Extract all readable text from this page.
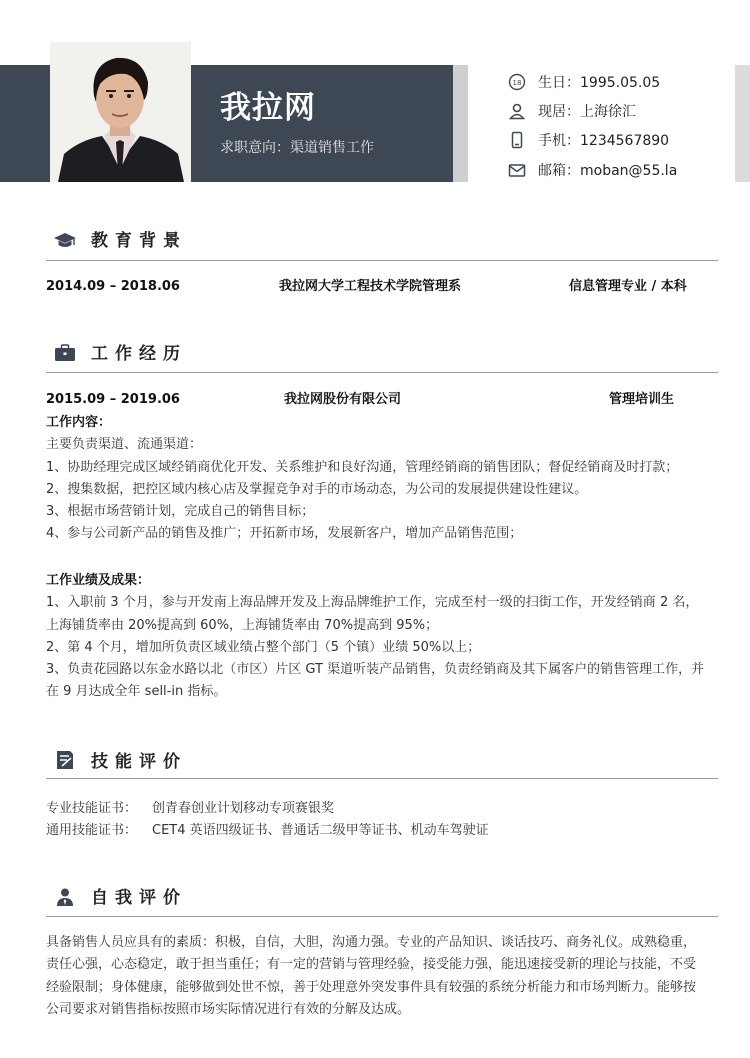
我拉网
求职意向：渠道销售工作
18 生日：1995.05.05
现居：上海徐汇
手机：1234567890
邮箱：moban@55.la
教育背景
2014.09 – 2018.06	我拉网大学工程技术学院管理系	信息管理专业 / 本科
工作经历
2015.09 – 2019.06	我拉网股份有限公司	管理培训生
工作内容：
主要负责渠道、流通渠道：
1、协助经理完成区域经销商优化开发、关系维护和良好沟通，管理经销商的销售团队；督促经销商及时打款；
2、搜集数据，把控区域内核心店及掌握竞争对手的市场动态，为公司的发展提供建设性建议。
3、根据市场营销计划，完成自己的销售目标；
4、参与公司新产品的销售及推广；开拓新市场，发展新客户，增加产品销售范围；
工作业绩及成果：
1、入职前 3 个月，参与开发南上海品牌开发及上海品牌维护工作，完成至村一级的扫街工作，开发经销商 2 名，
上海铺货率由 20%提高到 60%，上海铺货率由 70%提高到 95%；
2、第 4 个月，增加所负责区域业绩占整个部门（5 个镇）业绩 50%以上；
3、负责花园路以东金水路以北（市区）片区 GT 渠道听装产品销售，负责经销商及其下属客户的销售管理工作，并
在 9 月达成全年 sell-in 指标。
技能评价
专业技能证书： 创青春创业计划移动专项赛银奖
通用技能证书： CET4 英语四级证书、普通话二级甲等证书、机动车驾驶证
自我评价
具备销售人员应具有的素质：积极，自信，大胆，沟通力强。专业的产品知识、谈话技巧、商务礼仪。成熟稳重，
责任心强，心态稳定，敢于担当重任；有一定的营销与管理经验，接受能力强，能迅速接受新的理论与技能，不受
经验限制；身体健康，能够做到处世不惊，善于处理意外突发事件具有较强的系统分析能力和市场判断力。能够按
公司要求对销售指标按照市场实际情况进行有效的分解及达成。
